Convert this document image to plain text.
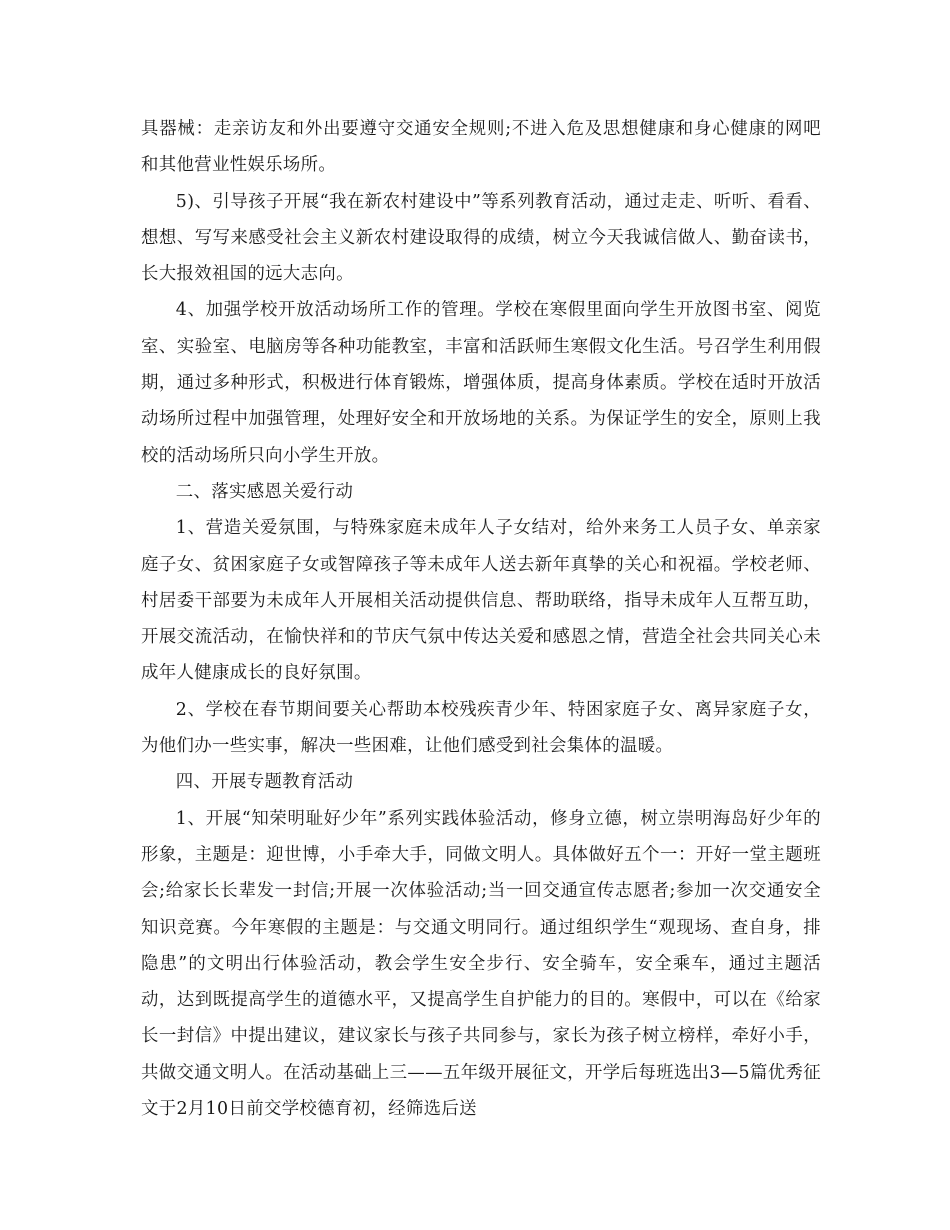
具器械：走亲访友和外出要遵守交通安全规则;不进入危及思想健康和身心健康的网吧和其他营业性娱乐场所。

5)、引导孩子开展“我在新农村建设中”等系列教育活动，通过走走、听听、看看、想想、写写来感受社会主义新农村建设取得的成绩，树立今天我诚信做人、勤奋读书，长大报效祖国的远大志向。

4、加强学校开放活动场所工作的管理。学校在寒假里面向学生开放图书室、阅览室、实验室、电脑房等各种功能教室，丰富和活跃师生寒假文化生活。号召学生利用假期，通过多种形式，积极进行体育锻炼，增强体质，提高身体素质。学校在适时开放活动场所过程中加强管理，处理好安全和开放场地的关系。为保证学生的安全，原则上我校的活动场所只向小学生开放。

二、落实感恩关爱行动

1、营造关爱氛围，与特殊家庭未成年人子女结对，给外来务工人员子女、单亲家庭子女、贫困家庭子女或智障孩子等未成年人送去新年真挚的关心和祝福。学校老师、村居委干部要为未成年人开展相关活动提供信息、帮助联络，指导未成年人互帮互助，开展交流活动，在愉快祥和的节庆气氛中传达关爱和感恩之情，营造全社会共同关心未成年人健康成长的良好氛围。

2、学校在春节期间要关心帮助本校残疾青少年、特困家庭子女、离异家庭子女，为他们办一些实事，解决一些困难，让他们感受到社会集体的温暖。

四、开展专题教育活动

1、开展“知荣明耻好少年”系列实践体验活动，修身立德，树立崇明海岛好少年的形象，主题是：迎世博，小手牵大手，同做文明人。具体做好五个一：开好一堂主题班会;给家长长辈发一封信;开展一次体验活动;当一回交通宣传志愿者;参加一次交通安全知识竞赛。今年寒假的主题是：与交通文明同行。通过组织学生“观现场、查自身，排隐患”的文明出行体验活动，教会学生安全步行、安全骑车，安全乘车，通过主题活动，达到既提高学生的道德水平，又提高学生自护能力的目的。寒假中，可以在《给家长一封信》中提出建议，建议家长与孩子共同参与，家长为孩子树立榜样，牵好小手，共做交通文明人。在活动基础上三——五年级开展征文，开学后每班选出3—5篇优秀征文于2月10日前交学校德育初，经筛选后送
